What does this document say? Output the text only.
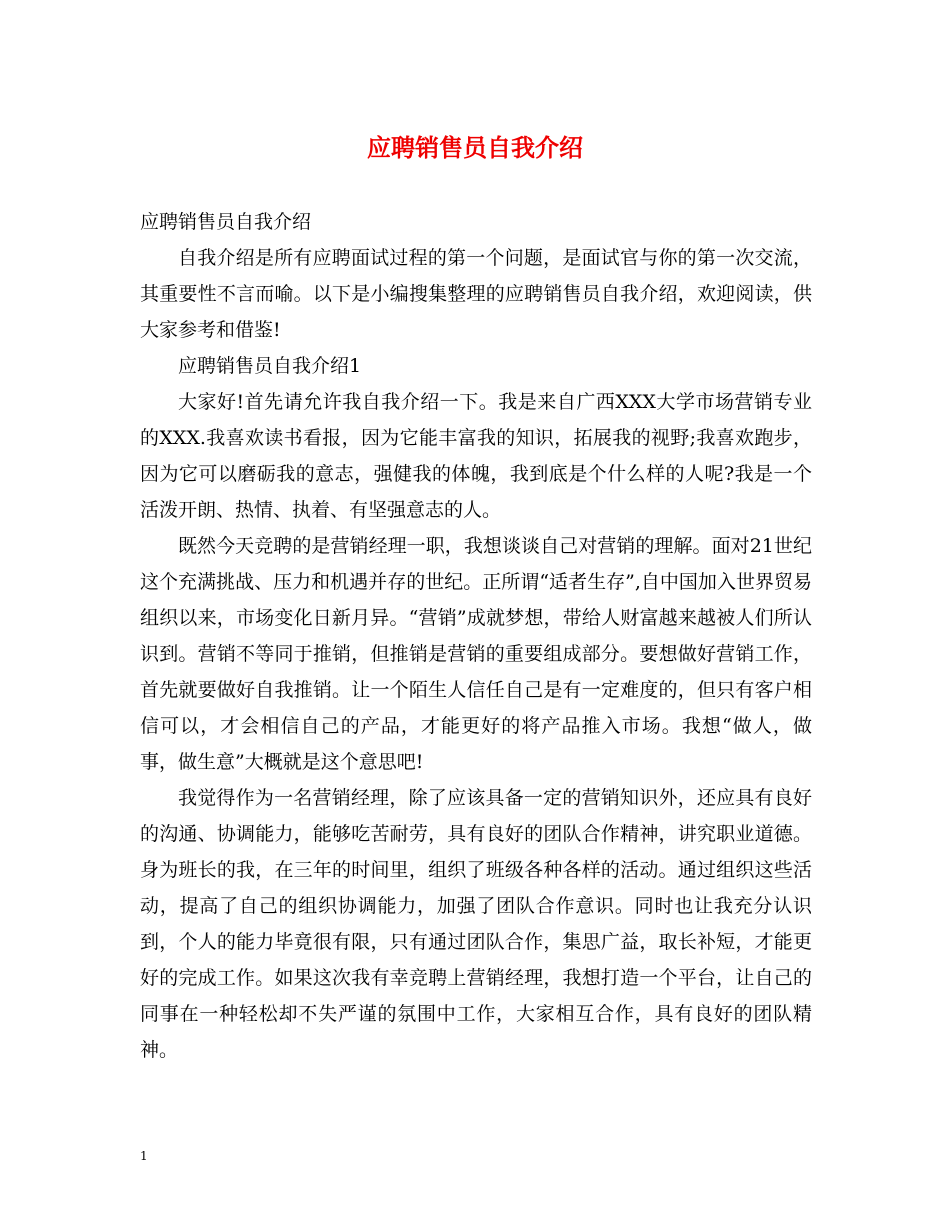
应聘销售员自我介绍

应聘销售员自我介绍

自我介绍是所有应聘面试过程的第一个问题，是面试官与你的第一次交流，其重要性不言而喻。以下是小编搜集整理的应聘销售员自我介绍，欢迎阅读，供大家参考和借鉴!

应聘销售员自我介绍1

大家好!首先请允许我自我介绍一下。我是来自广西XXX大学市场营销专业的XXX.我喜欢读书看报，因为它能丰富我的知识，拓展我的视野;我喜欢跑步，因为它可以磨砺我的意志，强健我的体魄，我到底是个什么样的人呢?我是一个活泼开朗、热情、执着、有坚强意志的人。

既然今天竞聘的是营销经理一职，我想谈谈自己对营销的理解。面对21世纪这个充满挑战、压力和机遇并存的世纪。正所谓“适者生存”,自中国加入世界贸易组织以来，市场变化日新月异。“营销”成就梦想，带给人财富越来越被人们所认识到。营销不等同于推销，但推销是营销的重要组成部分。要想做好营销工作，首先就要做好自我推销。让一个陌生人信任自己是有一定难度的，但只有客户相信可以，才会相信自己的产品，才能更好的将产品推入市场。我想“做人，做事，做生意”大概就是这个意思吧!

我觉得作为一名营销经理，除了应该具备一定的营销知识外，还应具有良好的沟通、协调能力，能够吃苦耐劳，具有良好的团队合作精神，讲究职业道德。身为班长的我，在三年的时间里，组织了班级各种各样的活动。通过组织这些活动，提高了自己的组织协调能力，加强了团队合作意识。同时也让我充分认识到，个人的能力毕竟很有限，只有通过团队合作，集思广益，取长补短，才能更好的完成工作。如果这次我有幸竞聘上营销经理，我想打造一个平台，让自己的同事在一种轻松却不失严谨的氛围中工作，大家相互合作，具有良好的团队精神。

1
